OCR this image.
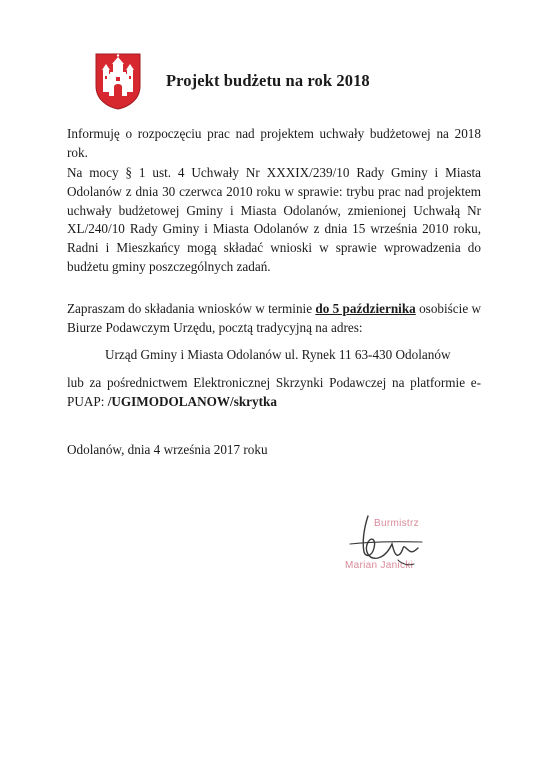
Projekt budżetu na rok 2018
Informuję o rozpoczęciu prac nad projektem uchwały budżetowej na 2018 rok.
Na mocy § 1 ust. 4 Uchwały Nr XXXIX/239/10 Rady Gminy i Miasta Odolanów z dnia 30 czerwca 2010 roku w sprawie: trybu prac nad projektem uchwały budżetowej Gminy i Miasta Odolanów, zmienionej Uchwałą Nr XL/240/10 Rady Gminy i Miasta Odolanów z dnia 15 września 2010 roku, Radni i Mieszkańcy mogą składać wnioski w sprawie wprowadzenia do budżetu gminy poszczególnych zadań.
Zapraszam do składania wniosków w terminie do 5 października osobiście w Biurze Podawczym Urzędu, pocztą tradycyjną na adres:
Urząd Gminy i Miasta Odolanów ul. Rynek 11 63-430 Odolanów
lub za pośrednictwem Elektronicznej Skrzynki Podawczej na platformie e-PUAP: /UGIMODOLANOW/skrytka
Odolanów, dnia 4 września 2017 roku
Burmistrz
Marian Janicki
